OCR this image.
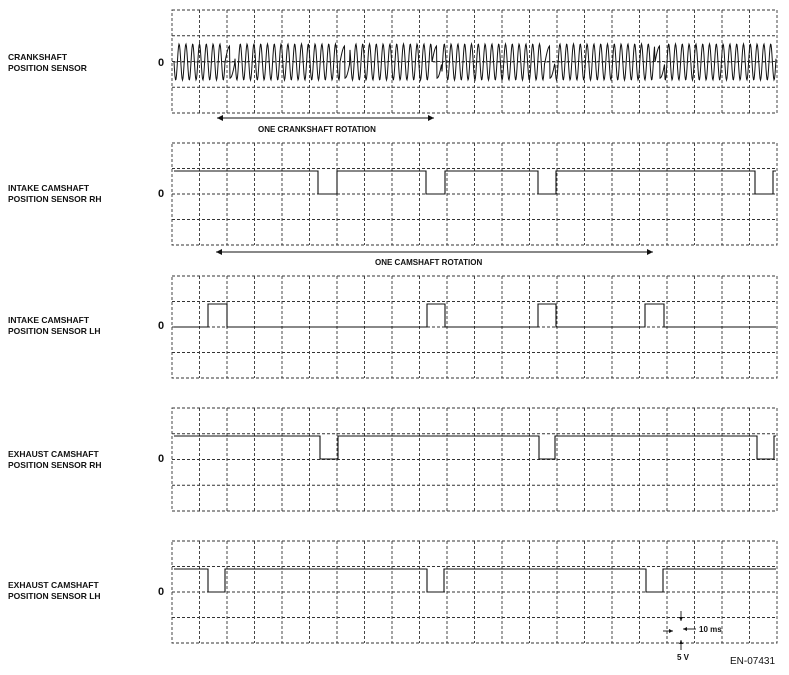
CRANKSHAFT
POSITION SENSOR
INTAKE CAMSHAFT
POSITION SENSOR RH
INTAKE CAMSHAFT
POSITION SENSOR LH
EXHAUST CAMSHAFT
POSITION SENSOR RH
EXHAUST CAMSHAFT
POSITION SENSOR LH
0
0
0
0
0
ONE CRANKSHAFT ROTATION
ONE CAMSHAFT ROTATION
10 ms
5 V	EN-07431
